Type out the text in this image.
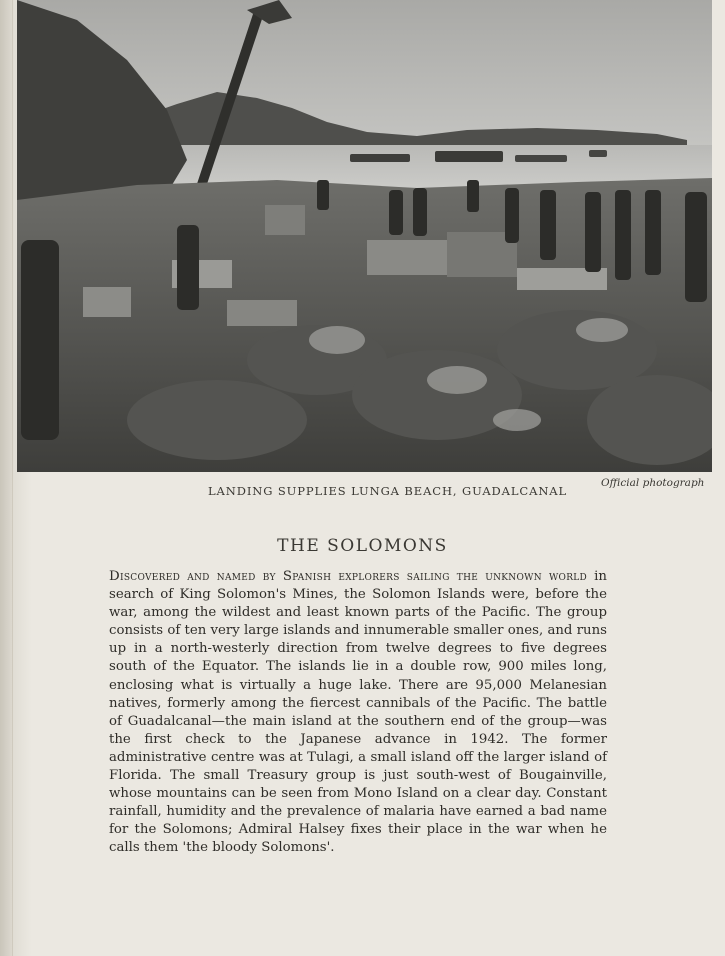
LANDING SUPPLIES LUNGA BEACH, GUADALCANAL
Official photograph
THE SOLOMONS
Discovered and named by Spanish explorers sailing the unknown world in search of King Solomon's Mines, the Solomon Islands were, before the war, among the wildest and least known parts of the Pacific. The group consists of ten very large islands and innumerable smaller ones, and runs up in a north-westerly direction from twelve degrees to five degrees south of the Equator. The islands lie in a double row, 900 miles long, enclosing what is virtually a huge lake. There are 95,000 Melanesian natives, formerly among the fiercest cannibals of the Pacific. The battle of Guadalcanal—the main island at the southern end of the group—was the first check to the Japanese advance in 1942. The former administrative centre was at Tulagi, a small island off the larger island of Florida. The small Treasury group is just south-west of Bougainville, whose mountains can be seen from Mono Island on a clear day. Constant rainfall, humidity and the prevalence of malaria have earned a bad name for the Solomons; Admiral Halsey fixes their place in the war when he calls them 'the bloody Solomons'.
